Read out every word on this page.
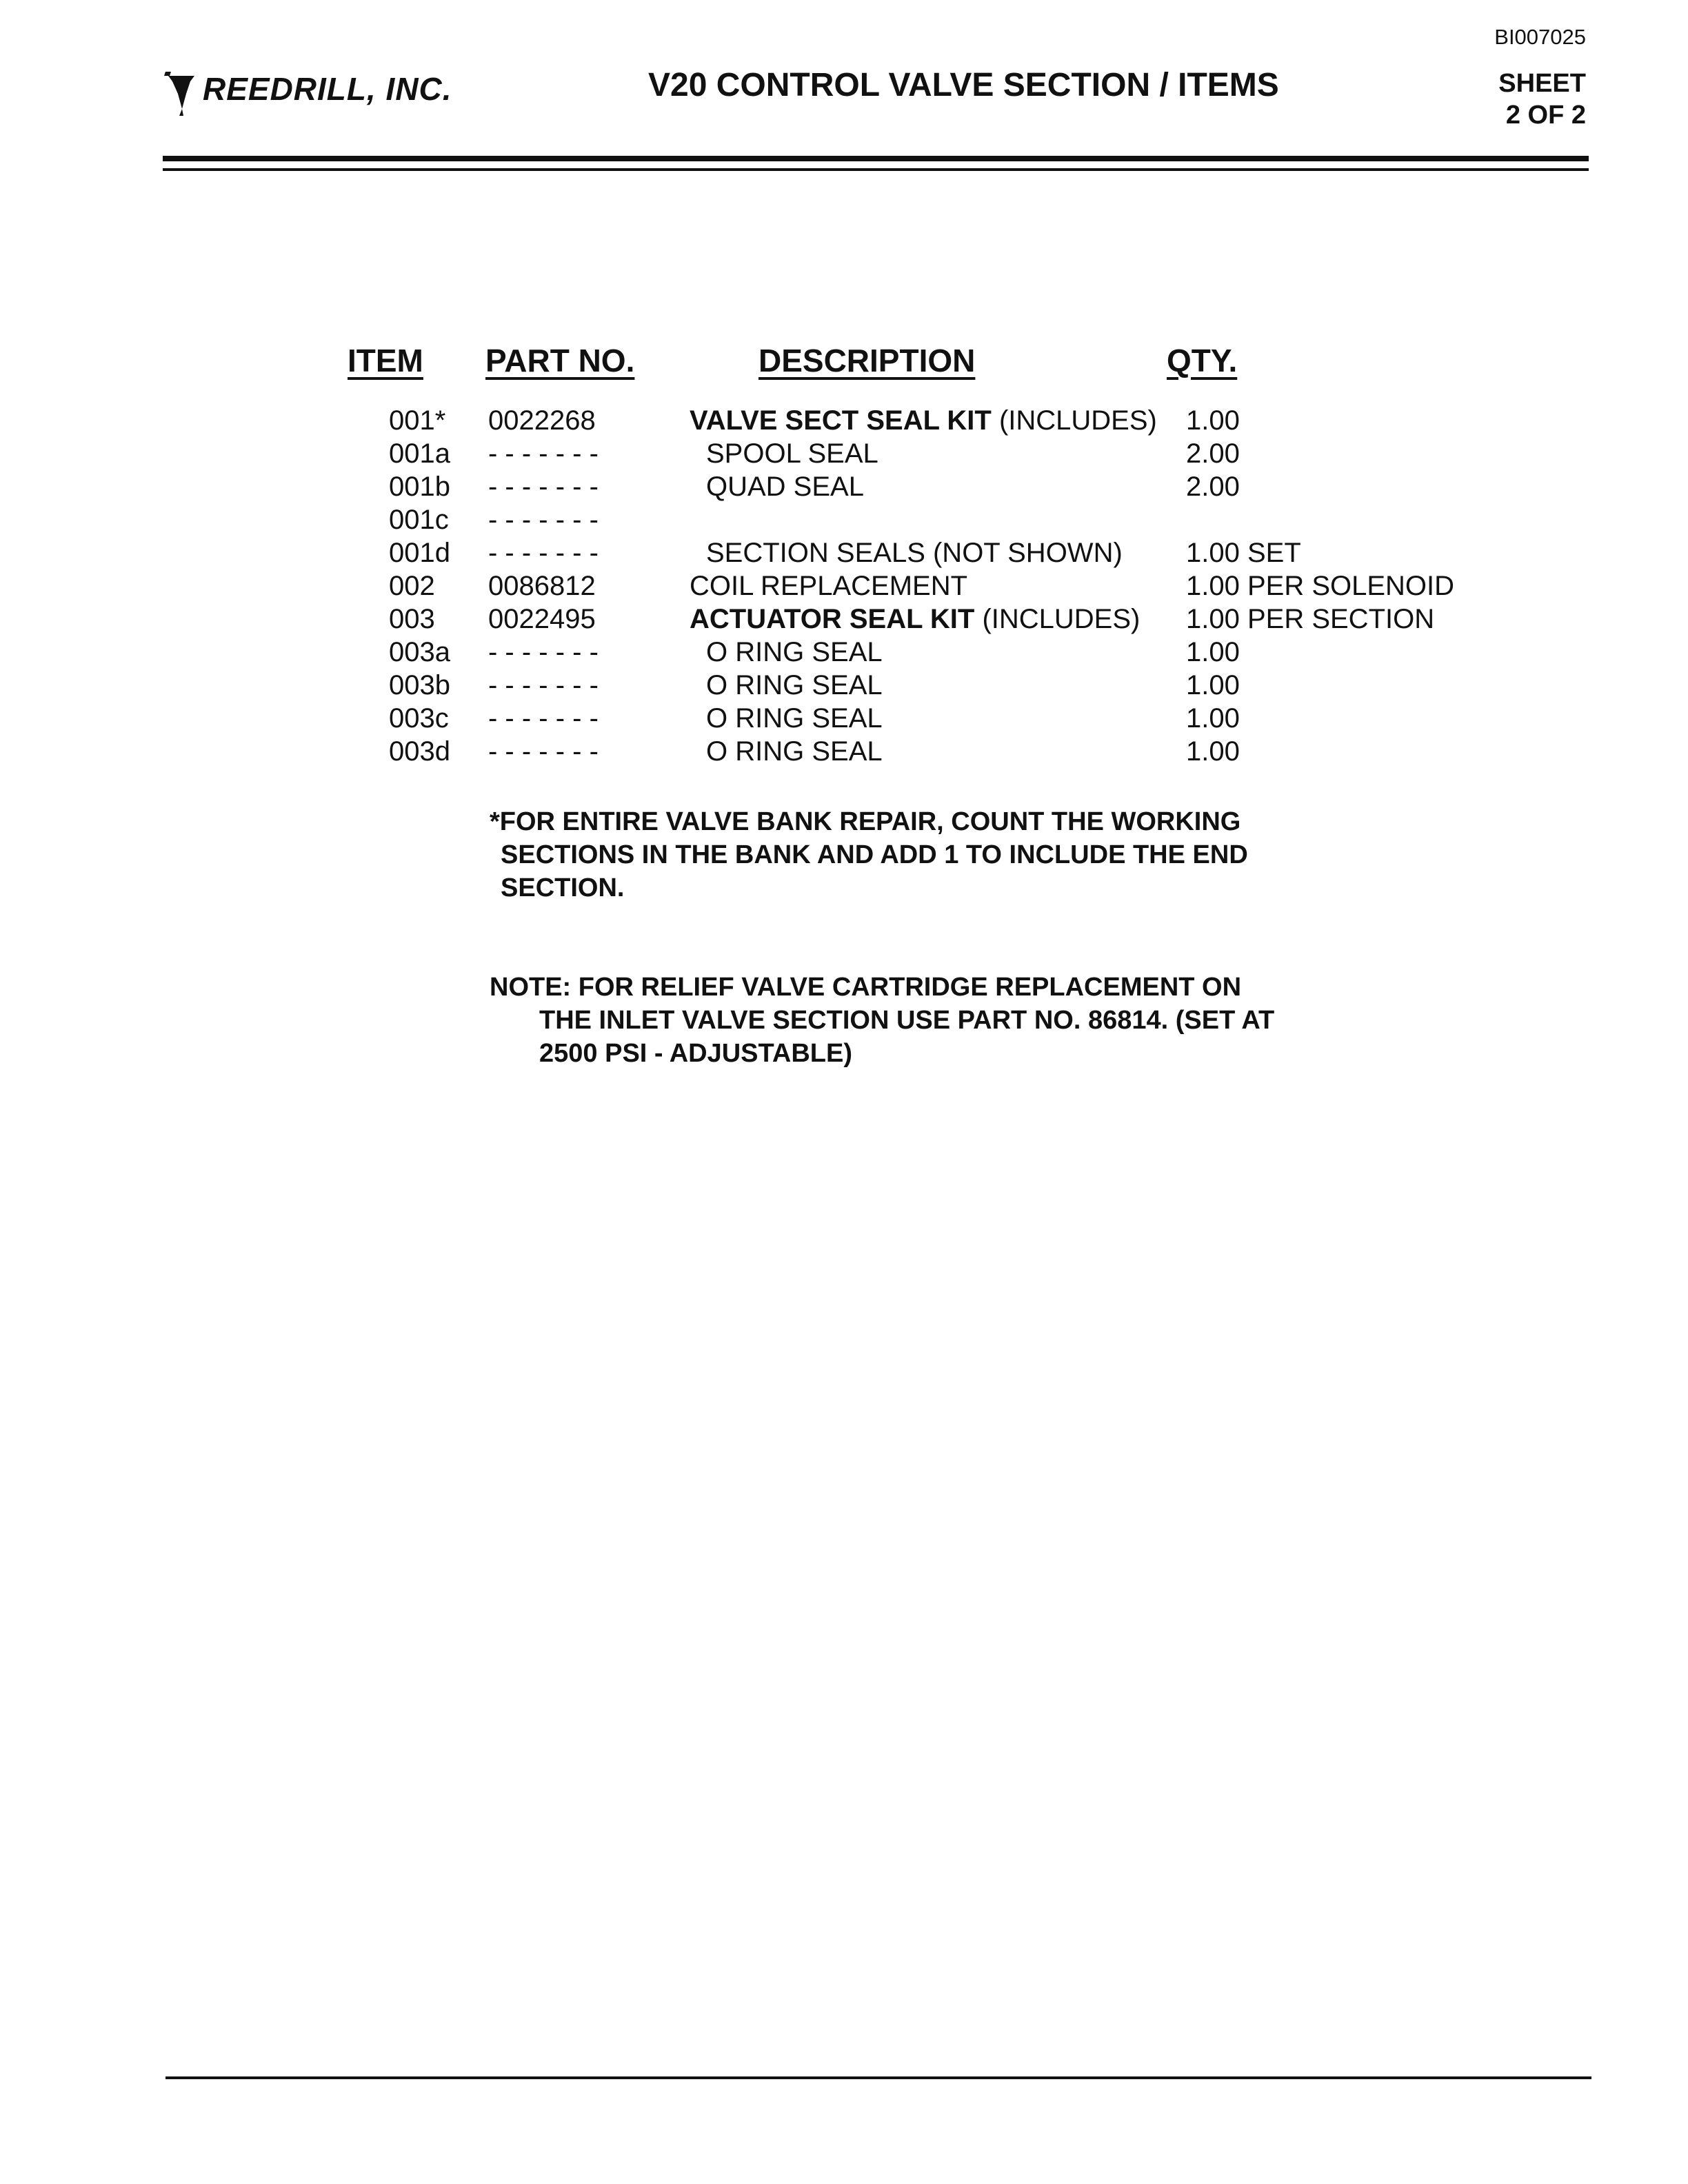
BI007025
REEDRILL, INC.	V20 CONTROL VALVE SECTION / ITEMS	SHEET
2 OF 2
ITEM PART NO.	DESCRIPTION	QTY.
001* 0022268	VALVE SECT SEAL KIT (INCLUDES) 1.00
001a - - - - - - -	SPOOL SEAL	2.00
001b - - - - - - -	QUAD SEAL	2.00
001c - - - - - - -
001d - - - - - - -	SECTION SEALS (NOT SHOWN) 1.00 SET
002 0086812	COIL REPLACEMENT	1.00 PER SOLENOID
003 0022495	ACTUATOR SEAL KIT (INCLUDES) 1.00 PER SECTION
003a - - - - - - -	O RING SEAL	1.00
003b - - - - - - -	O RING SEAL	1.00
003c - - - - - - -	O RING SEAL	1.00
003d - - - - - - -	O RING SEAL	1.00
*FOR ENTIRE VALVE BANK REPAIR, COUNT THE WORKING
SECTIONS IN THE BANK AND ADD 1 TO INCLUDE THE END
SECTION.
NOTE: FOR RELIEF VALVE CARTRIDGE REPLACEMENT ON
THE INLET VALVE SECTION USE PART NO. 86814. (SET AT
2500 PSI - ADJUSTABLE)
